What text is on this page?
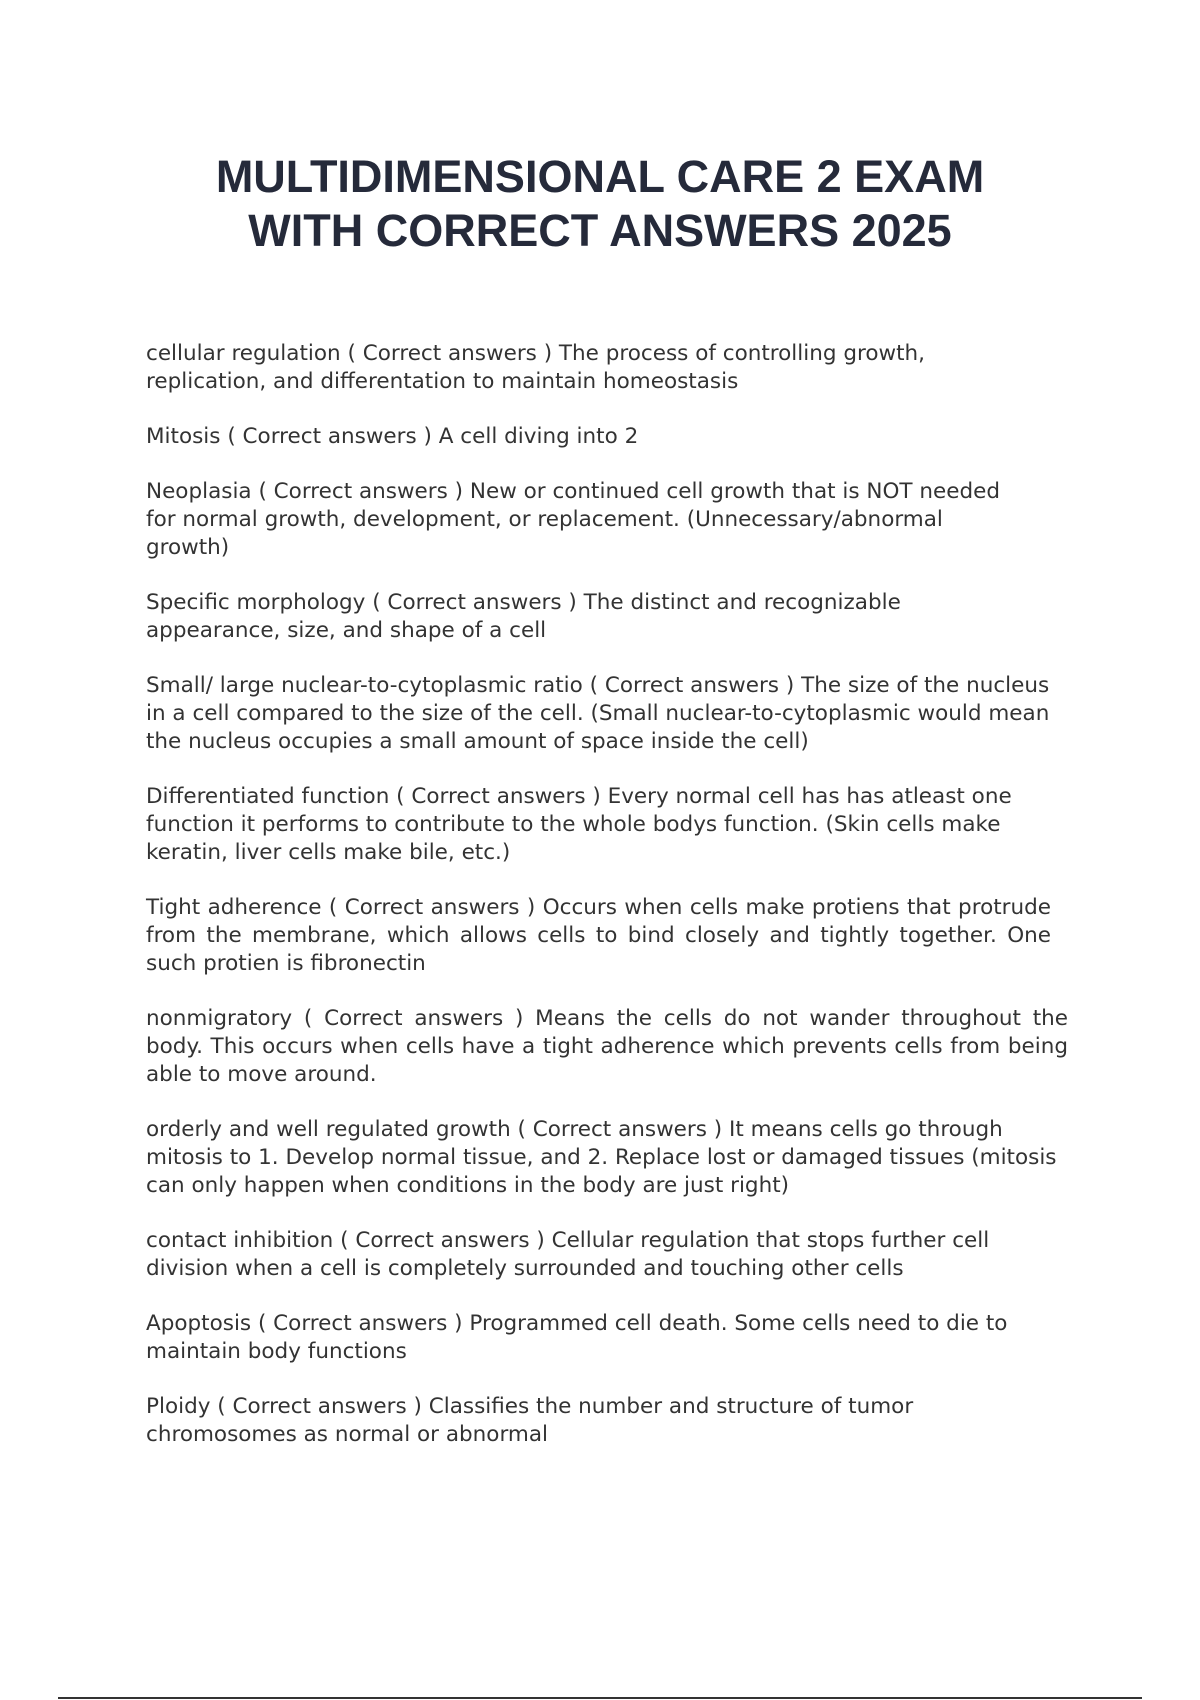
MULTIDIMENSIONAL CARE 2 EXAM
WITH CORRECT ANSWERS 2025

cellular regulation ( Correct answers ) The process of controlling growth, replication, and differentation to maintain homeostasis

Mitosis ( Correct answers ) A cell diving into 2

Neoplasia ( Correct answers ) New or continued cell growth that is NOT needed for normal growth, development, or replacement. (Unnecessary/abnormal growth)

Specific morphology ( Correct answers ) The distinct and recognizable appearance, size, and shape of a cell

Small/ large nuclear-to-cytoplasmic ratio ( Correct answers ) The size of the nucleus in a cell compared to the size of the cell. (Small nuclear-to-cytoplasmic would mean the nucleus occupies a small amount of space inside the cell)

Differentiated function ( Correct answers ) Every normal cell has has atleast one function it performs to contribute to the whole bodys function. (Skin cells make keratin, liver cells make bile, etc.)

Tight adherence ( Correct answers ) Occurs when cells make protiens that protrude from the membrane, which allows cells to bind closely and tightly together. One such protien is fibronectin

nonmigratory ( Correct answers ) Means the cells do not wander throughout the body. This occurs when cells have a tight adherence which prevents cells from being able to move around.

orderly and well regulated growth ( Correct answers ) It means cells go through mitosis to 1. Develop normal tissue, and 2. Replace lost or damaged tissues (mitosis can only happen when conditions in the body are just right)

contact inhibition ( Correct answers ) Cellular regulation that stops further cell division when a cell is completely surrounded and touching other cells

Apoptosis ( Correct answers ) Programmed cell death. Some cells need to die to maintain body functions

Ploidy ( Correct answers ) Classifies the number and structure of tumor chromosomes as normal or abnormal
